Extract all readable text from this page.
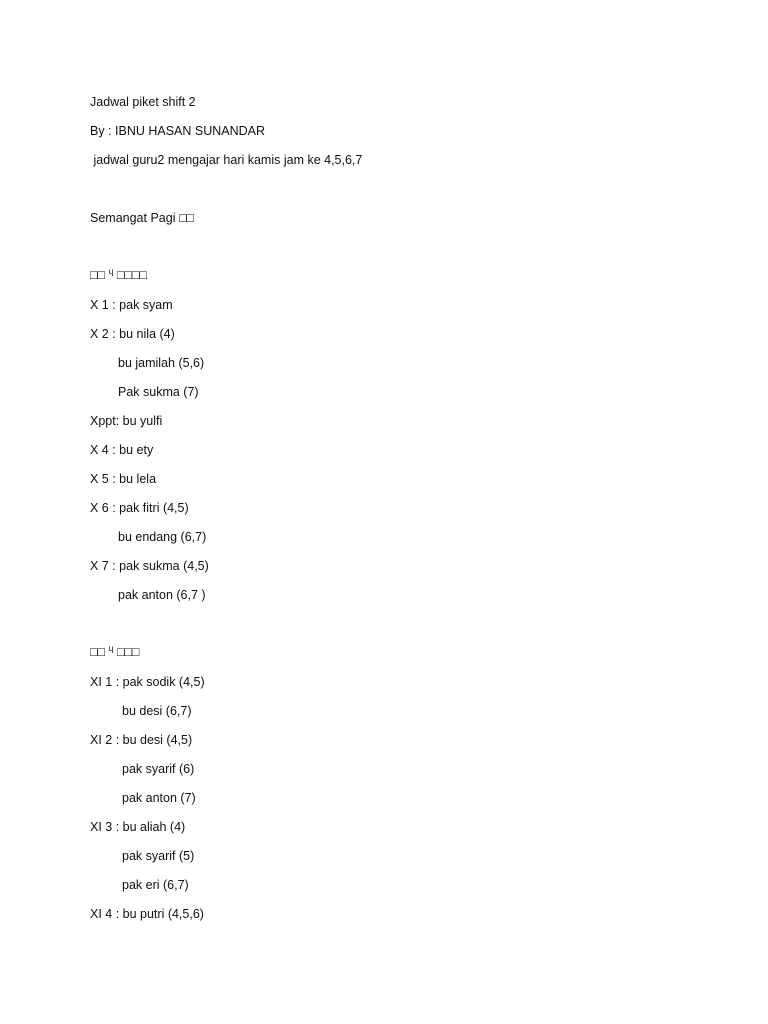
Jadwal piket shift 2
By : IBNU HASAN SUNANDAR
jadwal guru2 mengajar hari kamis jam ke 4,5,6,7
Semangat Pagi □□
□□ ᶣ □□□□
X 1 : pak syam
X 2 : bu nila (4)
bu jamilah (5,6)
Pak sukma (7)
Xppt: bu yulfi
X 4 : bu ety
X 5 : bu lela
X 6 : pak fitri (4,5)
bu endang (6,7)
X 7 : pak sukma (4,5)
pak anton (6,7 )
□□ ᶣ □□□
XI 1 : pak sodik (4,5)
bu desi (6,7)
XI 2 : bu desi (4,5)
pak syarif (6)
pak anton (7)
XI 3 : bu aliah (4)
pak syarif (5)
pak eri (6,7)
XI 4 : bu putri (4,5,6)
